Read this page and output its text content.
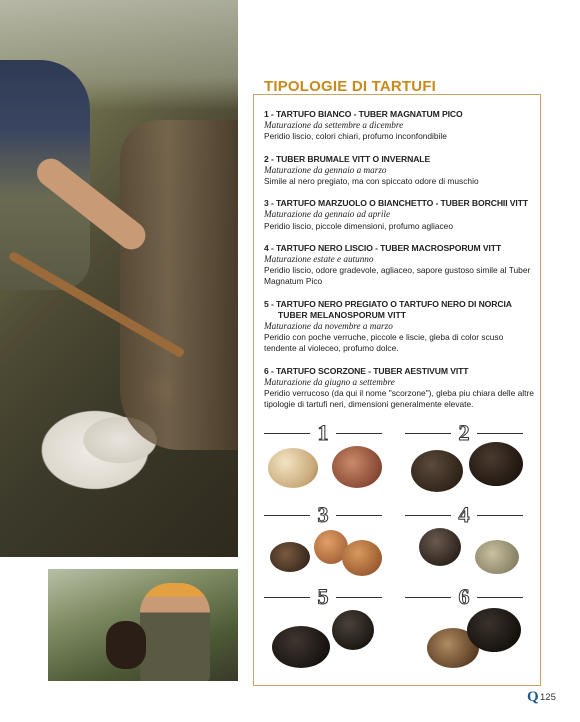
TIPOLOGIE DI TARTUFI
1 - TARTUFO BIANCO - TUBER MAGNATUM PICO
Maturazione da settembre a dicembre
Peridio liscio, colori chiari, profumo inconfondibile
2 - TUBER BRUMALE VITT O INVERNALE
Maturazione da gennaio a marzo
Simile al nero pregiato, ma con spiccato odore di muschio
3 - TARTUFO MARZUOLO O BIANCHETTO - TUBER BORCHII VITT
Maturazione da gennaio ad aprile
Peridio liscio, piccole dimensioni, profumo agliaceo
4 - TARTUFO NERO LISCIO - TUBER MACROSPORUM VITT
Maturazione estate e autunno
Peridio liscio, odore gradevole, agliaceo, sapore gustoso simile al Tuber Magnatum Pico
5 - TARTUFO NERO PREGIATO O TARTUFO NERO DI NORCIA
TUBER MELANOSPORUM VITT
Maturazione da novembre a marzo
Peridio con poche verruche, piccole e liscie, gleba di color scuso tendente al violeceo, profumo dolce.
6 - TARTUFO SCORZONE - TUBER AESTIVUM VITT
Maturazione da giugno a settembre
Peridio verrucoso (da qui il nome "scorzone"), gleba piu chiara delle altre tipologie di tartufi neri, dimensioni generalmente elevate.
1	2
3	4
5	6
Q 125
